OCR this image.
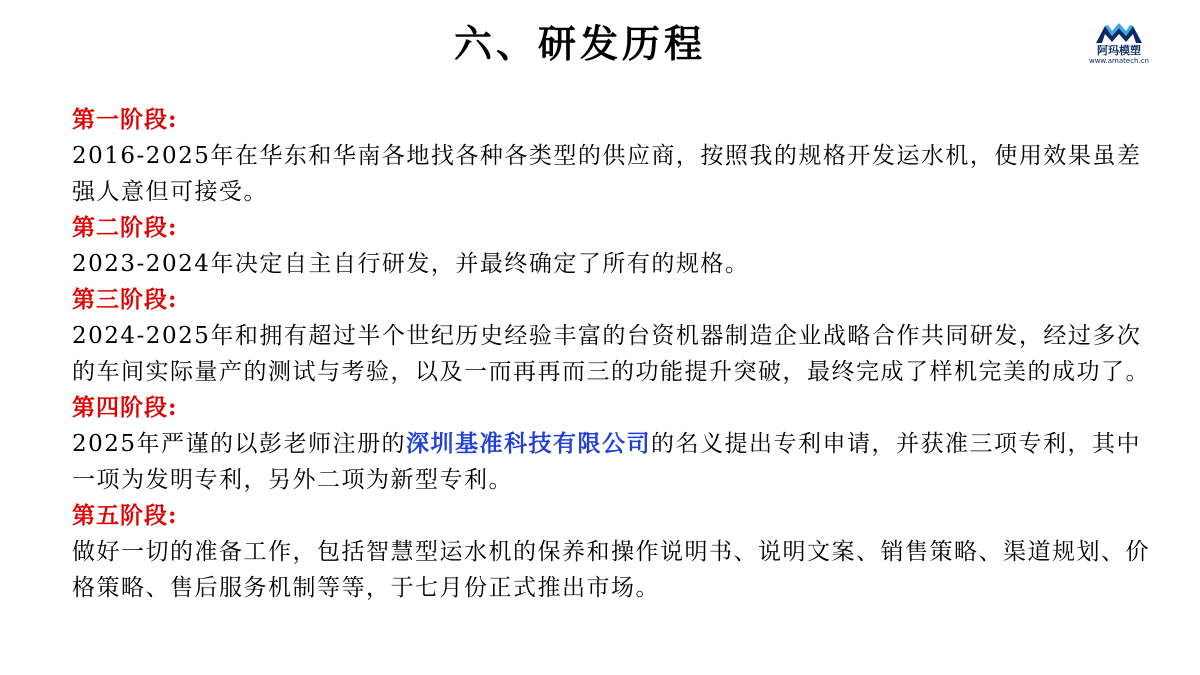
六、研发历程	阿玛模塑
www.amatech.cn
第一阶段:
2016-2025年在华东和华南各地找各种各类型的供应商，按照我的规格开发运水机，使用效果虽差强人意但可接受。
第二阶段:
2023-2024年决定自主自行研发，并最终确定了所有的规格。
第三阶段:
2024-2025年和拥有超过半个世纪历史经验丰富的台资机器制造企业战略合作共同研发，经过多次的车间实际量产的测试与考验，以及一而再再而三的功能提升突破，最终完成了样机完美的成功了。
第四阶段:
2025年严谨的以彭老师注册的深圳基准科技有限公司的名义提出专利申请，并获准三项专利，其中一项为发明专利，另外二项为新型专利。
第五阶段:
做好一切的准备工作，包括智慧型运水机的保养和操作说明书、说明文案、销售策略、渠道规划、价格策略、售后服务机制等等，于七月份正式推出市场。
